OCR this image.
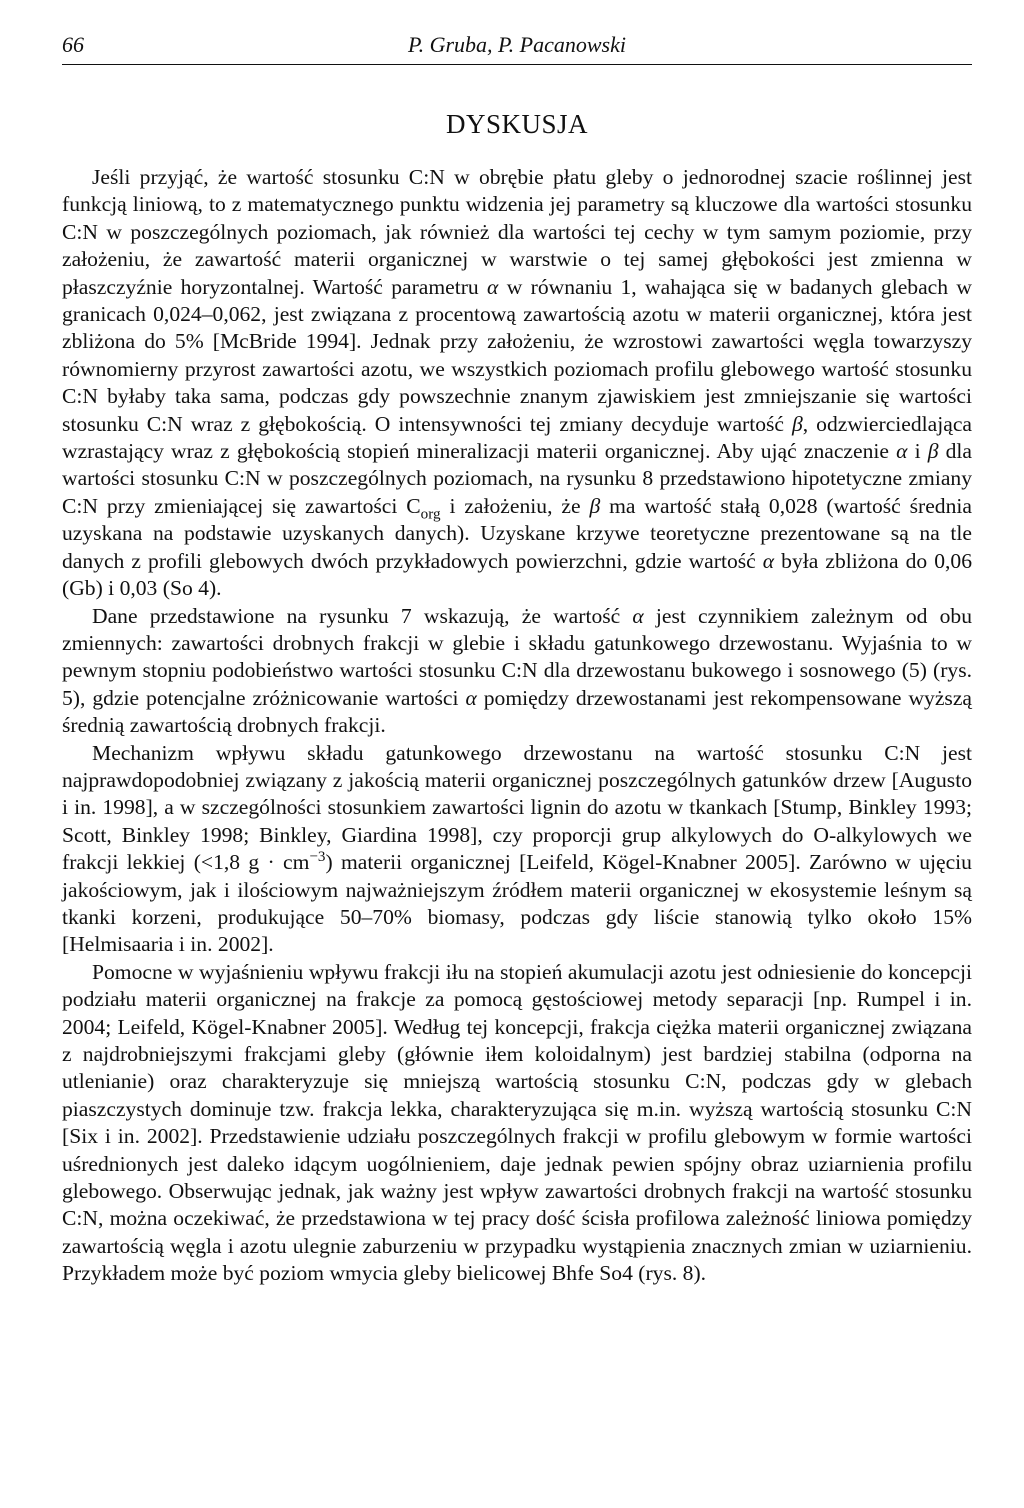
66	P. Gruba, P. Pacanowski
DYSKUSJA

Jeśli przyjąć, że wartość stosunku C:N w obrębie płatu gleby o jednorodnej szacie roślinnej jest funkcją liniową, to z matematycznego punktu widzenia jej parametry są kluczowe dla wartości stosunku C:N w poszczególnych poziomach, jak również dla wartości tej cechy w tym samym poziomie, przy założeniu, że zawartość materii organicznej w warstwie o tej samej głębokości jest zmienna w płaszczyźnie horyzontalnej. Wartość parametru α w równaniu 1, wahająca się w badanych glebach w granicach 0,024–0,062, jest związana z procentową zawartością azotu w materii organicznej, która jest zbliżona do 5% [McBride 1994]. Jednak przy założeniu, że wzrostowi zawartości węgla towarzyszy równomierny przyrost zawartości azotu, we wszystkich poziomach profilu glebowego wartość stosunku C:N byłaby taka sama, podczas gdy powszechnie znanym zjawiskiem jest zmniejszanie się wartości stosunku C:N wraz z głębokością. O intensywności tej zmiany decyduje wartość β, odzwierciedlająca wzrastający wraz z głębokością stopień mineralizacji materii organicznej. Aby ująć znaczenie α i β dla wartości stosunku C:N w poszczególnych poziomach, na rysunku 8 przedstawiono hipotetyczne zmiany C:N przy zmieniającej się zawartości $C_{org}$ i założeniu, że β ma wartość stałą 0,028 (wartość średnia uzyskana na podstawie uzyskanych danych). Uzyskane krzywe teoretyczne prezentowane są na tle danych z profili glebowych dwóch przykładowych powierzchni, gdzie wartość α była zbliżona do 0,06 (Gb) i 0,03 (So 4).

Dane przedstawione na rysunku 7 wskazują, że wartość α jest czynnikiem zależnym od obu zmiennych: zawartości drobnych frakcji w glebie i składu gatunkowego drzewostanu. Wyjaśnia to w pewnym stopniu podobieństwo wartości stosunku C:N dla drzewostanu bukowego i sosnowego (5) (rys. 5), gdzie potencjalne zróżnicowanie wartości α pomiędzy drzewostanami jest rekompensowane wyższą średnią zawartością drobnych frakcji.

Mechanizm wpływu składu gatunkowego drzewostanu na wartość stosunku C:N jest najprawdopodobniej związany z jakością materii organicznej poszczególnych gatunków drzew [Augusto i in. 1998], a w szczególności stosunkiem zawartości lignin do azotu w tkankach [Stump, Binkley 1993; Scott, Binkley 1998; Binkley, Giardina 1998], czy proporcji grup alkylowych do O-alkylowych we frakcji lekkiej (<1,8 $g \cdot cm^{-3}$) materii organicznej [Leifeld, Kögel-Knabner 2005]. Zarówno w ujęciu jakościowym, jak i ilościowym najważniejszym źródłem materii organicznej w ekosystemie leśnym są tkanki korzeni, produkujące 50–70% biomasy, podczas gdy liście stanowią tylko około 15% [Helmisaaria i in. 2002].

Pomocne w wyjaśnieniu wpływu frakcji iłu na stopień akumulacji azotu jest odniesienie do koncepcji podziału materii organicznej na frakcje za pomocą gęstościowej metody separacji [np. Rumpel i in. 2004; Leifeld, Kögel-Knabner 2005]. Według tej koncepcji, frakcja ciężka materii organicznej związana z najdrobniejszymi frakcjami gleby (głównie iłem koloidalnym) jest bardziej stabilna (odporna na utlenianie) oraz charakteryzuje się mniejszą wartością stosunku C:N, podczas gdy w glebach piaszczystych dominuje tzw. frakcja lekka, charakteryzująca się m.in. wyższą wartością stosunku C:N [Six i in. 2002]. Przedstawienie udziału poszczególnych frakcji w profilu glebowym w formie wartości uśrednionych jest daleko idącym uogólnieniem, daje jednak pewien spójny obraz uziarnienia profilu glebowego. Obserwując jednak, jak ważny jest wpływ zawartości drobnych frakcji na wartość stosunku C:N, można oczekiwać, że przedstawiona w tej pracy dość ścisła profilowa zależność liniowa pomiędzy zawartością węgla i azotu ulegnie zaburzeniu w przypadku wystąpienia znacznych zmian w uziarnieniu. Przykładem może być poziom wmycia gleby bielicowej Bhfe So4 (rys. 8).
